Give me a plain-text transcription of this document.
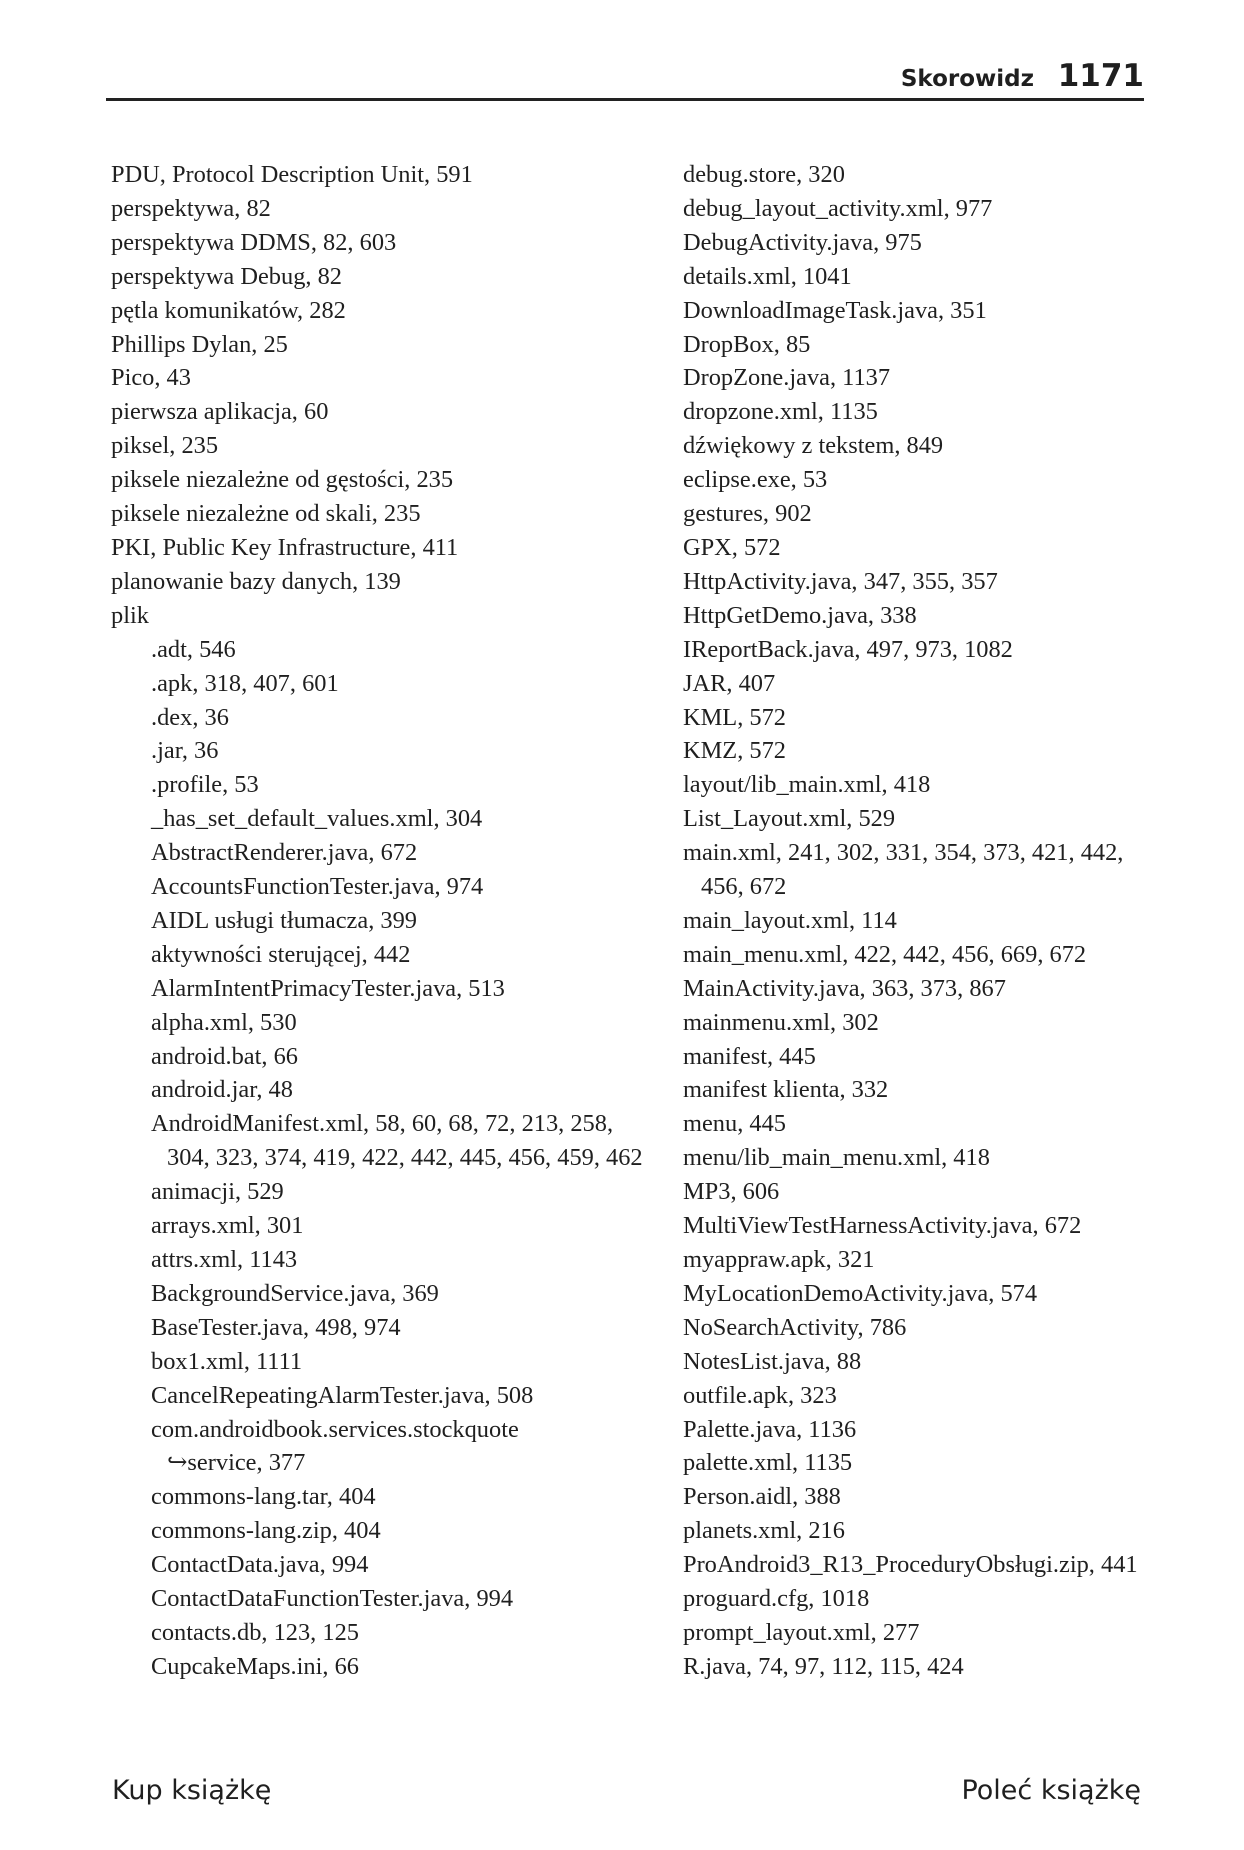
Skorowidz 1171
PDU, Protocol Description Unit, 591
perspektywa, 82
perspektywa DDMS, 82, 603
perspektywa Debug, 82
pętla komunikatów, 282
Phillips Dylan, 25
Pico, 43
pierwsza aplikacja, 60
piksel, 235
piksele niezależne od gęstości, 235
piksele niezależne od skali, 235
PKI, Public Key Infrastructure, 411
planowanie bazy danych, 139
plik
.adt, 546
.apk, 318, 407, 601
.dex, 36
.jar, 36
.profile, 53
_has_set_default_values.xml, 304
AbstractRenderer.java, 672
AccountsFunctionTester.java, 974
AIDL usługi tłumacza, 399
aktywności sterującej, 442
AlarmIntentPrimacyTester.java, 513
alpha.xml, 530
android.bat, 66
android.jar, 48
AndroidManifest.xml, 58, 60, 68, 72, 213, 258, 304, 323, 374, 419, 422, 442, 445, 456, 459, 462
animacji, 529
arrays.xml, 301
attrs.xml, 1143
BackgroundService.java, 369
BaseTester.java, 498, 974
box1.xml, 1111
CancelRepeatingAlarmTester.java, 508
com.androidbook.services.stockquote
↪service, 377
commons-lang.tar, 404
commons-lang.zip, 404
ContactData.java, 994
ContactDataFunctionTester.java, 994
contacts.db, 123, 125
CupcakeMaps.ini, 66
debug.store, 320
debug_layout_activity.xml, 977
DebugActivity.java, 975
details.xml, 1041
DownloadImageTask.java, 351
DropBox, 85
DropZone.java, 1137
dropzone.xml, 1135
dźwiękowy z tekstem, 849
eclipse.exe, 53
gestures, 902
GPX, 572
HttpActivity.java, 347, 355, 357
HttpGetDemo.java, 338
IReportBack.java, 497, 973, 1082
JAR, 407
KML, 572
KMZ, 572
layout/lib_main.xml, 418
List_Layout.xml, 529
main.xml, 241, 302, 331, 354, 373, 421, 442, 456, 672
main_layout.xml, 114
main_menu.xml, 422, 442, 456, 669, 672
MainActivity.java, 363, 373, 867
mainmenu.xml, 302
manifest, 445
manifest klienta, 332
menu, 445
menu/lib_main_menu.xml, 418
MP3, 606
MultiViewTestHarnessActivity.java, 672
myappraw.apk, 321
MyLocationDemoActivity.java, 574
NoSearchActivity, 786
NotesList.java, 88
outfile.apk, 323
Palette.java, 1136
palette.xml, 1135
Person.aidl, 388
planets.xml, 216
ProAndroid3_R13_ProceduryObsługi.zip, 441
proguard.cfg, 1018
prompt_layout.xml, 277
R.java, 74, 97, 112, 115, 424
Kup książkę	Poleć książkę
